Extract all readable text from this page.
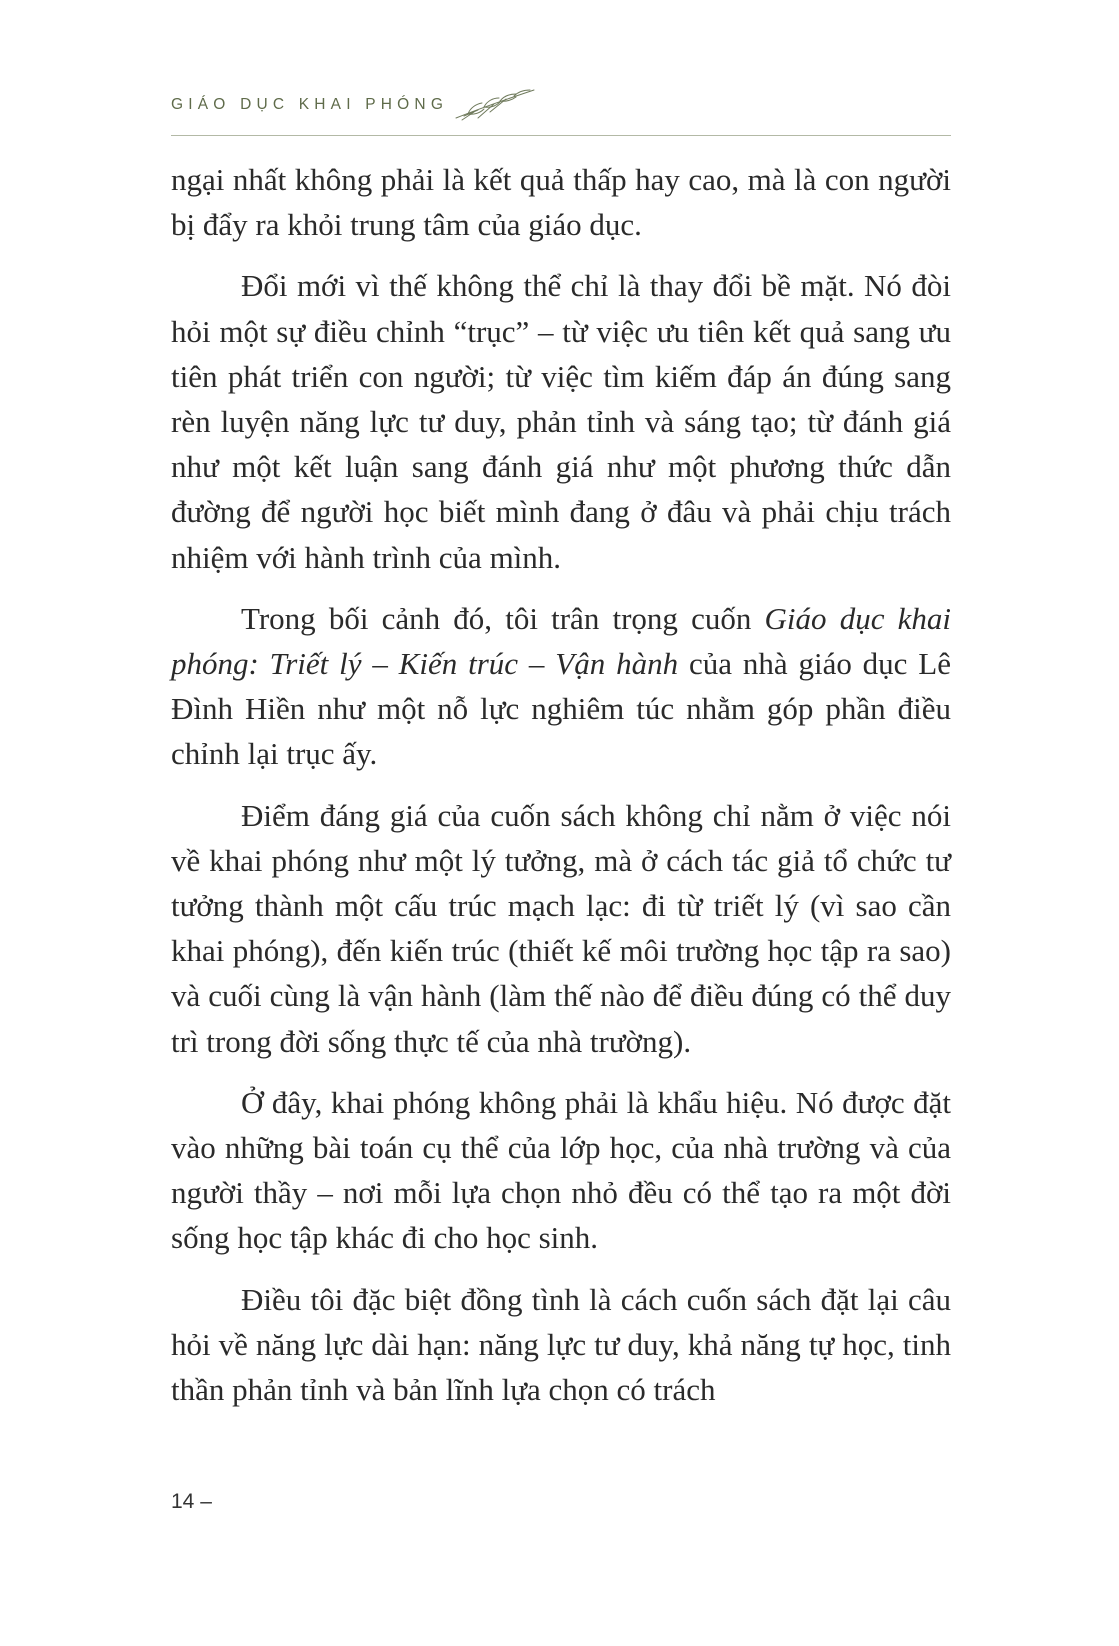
GIÁO DỤC KHAI PHÓNG

ngại nhất không phải là kết quả thấp hay cao, mà là con người bị đẩy ra khỏi trung tâm của giáo dục.

Đổi mới vì thế không thể chỉ là thay đổi bề mặt. Nó đòi hỏi một sự điều chỉnh “trục” – từ việc ưu tiên kết quả sang ưu tiên phát triển con người; từ việc tìm kiếm đáp án đúng sang rèn luyện năng lực tư duy, phản tỉnh và sáng tạo; từ đánh giá như một kết luận sang đánh giá như một phương thức dẫn đường để người học biết mình đang ở đâu và phải chịu trách nhiệm với hành trình của mình.

Trong bối cảnh đó, tôi trân trọng cuốn Giáo dục khai phóng: Triết lý – Kiến trúc – Vận hành của nhà giáo dục Lê Đình Hiền như một nỗ lực nghiêm túc nhằm góp phần điều chỉnh lại trục ấy.

Điểm đáng giá của cuốn sách không chỉ nằm ở việc nói về khai phóng như một lý tưởng, mà ở cách tác giả tổ chức tư tưởng thành một cấu trúc mạch lạc: đi từ triết lý (vì sao cần khai phóng), đến kiến trúc (thiết kế môi trường học tập ra sao) và cuối cùng là vận hành (làm thế nào để điều đúng có thể duy trì trong đời sống thực tế của nhà trường).

Ở đây, khai phóng không phải là khẩu hiệu. Nó được đặt vào những bài toán cụ thể của lớp học, của nhà trường và của người thầy – nơi mỗi lựa chọn nhỏ đều có thể tạo ra một đời sống học tập khác đi cho học sinh.

Điều tôi đặc biệt đồng tình là cách cuốn sách đặt lại câu hỏi về năng lực dài hạn: năng lực tư duy, khả năng tự học, tinh thần phản tỉnh và bản lĩnh lựa chọn có trách

14 –
